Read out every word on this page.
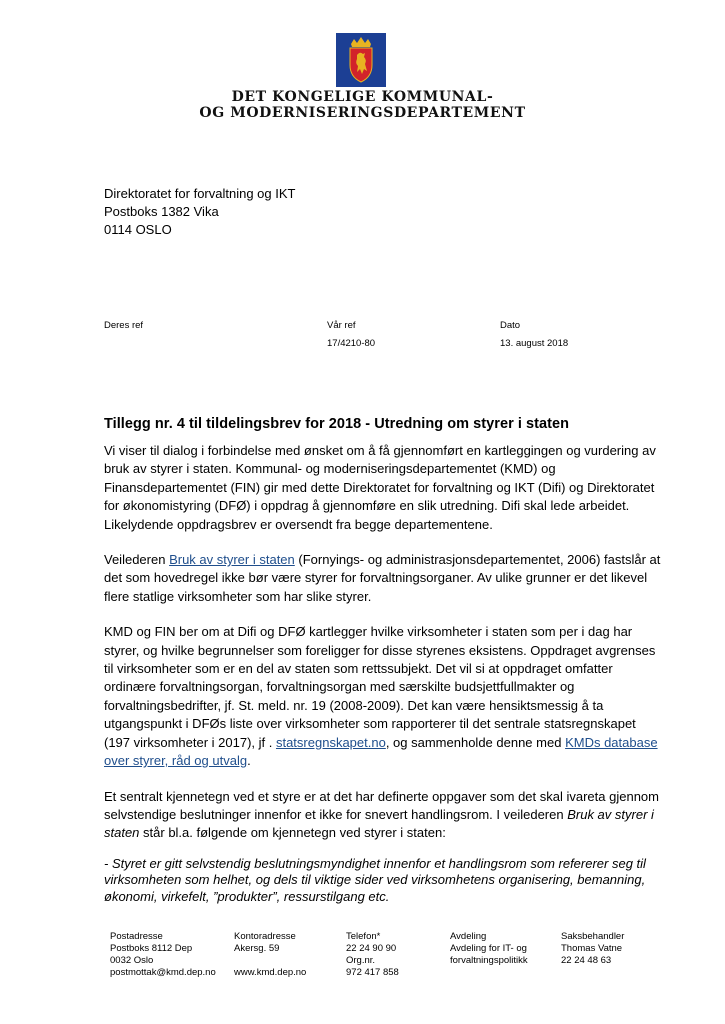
DET KONGELIGE KOMMUNAL-
OG MODERNISERINGSDEPARTEMENT
Direktoratet for forvaltning og IKT
Postboks 1382 Vika
0114 OSLO
Deres ref	Vår ref
17/4210-80
Dato
13. august 2018
Tillegg nr. 4 til tildelingsbrev for 2018 - Utredning om styrer i staten

Vi viser til dialog i forbindelse med ønsket om å få gjennomført en kartleggingen og vurdering av bruk av styrer i staten. Kommunal- og moderniseringsdepartementet (KMD) og Finansdepartementet (FIN) gir med dette Direktoratet for forvaltning og IKT (Difi) og Direktoratet for økonomistyring (DFØ) i oppdrag å gjennomføre en slik utredning. Difi skal lede arbeidet. Likelydende oppdragsbrev er oversendt fra begge departementene.

Veilederen Bruk av styrer i staten (Fornyings- og administrasjonsdepartementet, 2006) fastslår at det som hovedregel ikke bør være styrer for forvaltningsorganer. Av ulike grunner er det likevel flere statlige virksomheter som har slike styrer.

KMD og FIN ber om at Difi og DFØ kartlegger hvilke virksomheter i staten som per i dag har styrer, og hvilke begrunnelser som foreligger for disse styrenes eksistens. Oppdraget avgrenses til virksomheter som er en del av staten som rettssubjekt. Det vil si at oppdraget omfatter ordinære forvaltningsorgan, forvaltningsorgan med særskilte budsjettfullmakter og forvaltningsbedrifter, jf. St. meld. nr. 19 (2008-2009). Det kan være hensiktsmessig å ta utgangspunkt i DFØs liste over virksomheter som rapporterer til det sentrale statsregnskapet (197 virksomheter i 2017), jf . statsregnskapet.no, og sammenholde denne med KMDs database over styrer, råd og utvalg.

Et sentralt kjennetegn ved et styre er at det har definerte oppgaver som det skal ivareta gjennom selvstendige beslutninger innenfor et ikke for snevert handlingsrom. I veilederen Bruk av styrer i staten står bl.a. følgende om kjennetegn ved styrer i staten:

- Styret er gitt selvstendig beslutningsmyndighet innenfor et handlingsrom som refererer seg til virksomheten som helhet, og dels til viktige sider ved virksomhetens organisering, bemanning, økonomi, virkefelt, ”produkter”, ressurstilgang etc.

Postadresse
Postboks 8112 Dep
0032 Oslo
postmottak@kmd.dep.no
Kontoradresse
Akersg. 59

www.kmd.dep.no
Telefon*
22 24 90 90
Org.nr.
972 417 858
Avdeling
Avdeling for IT- og
forvaltningspolitikk
Saksbehandler
Thomas Vatne
22 24 48 63
